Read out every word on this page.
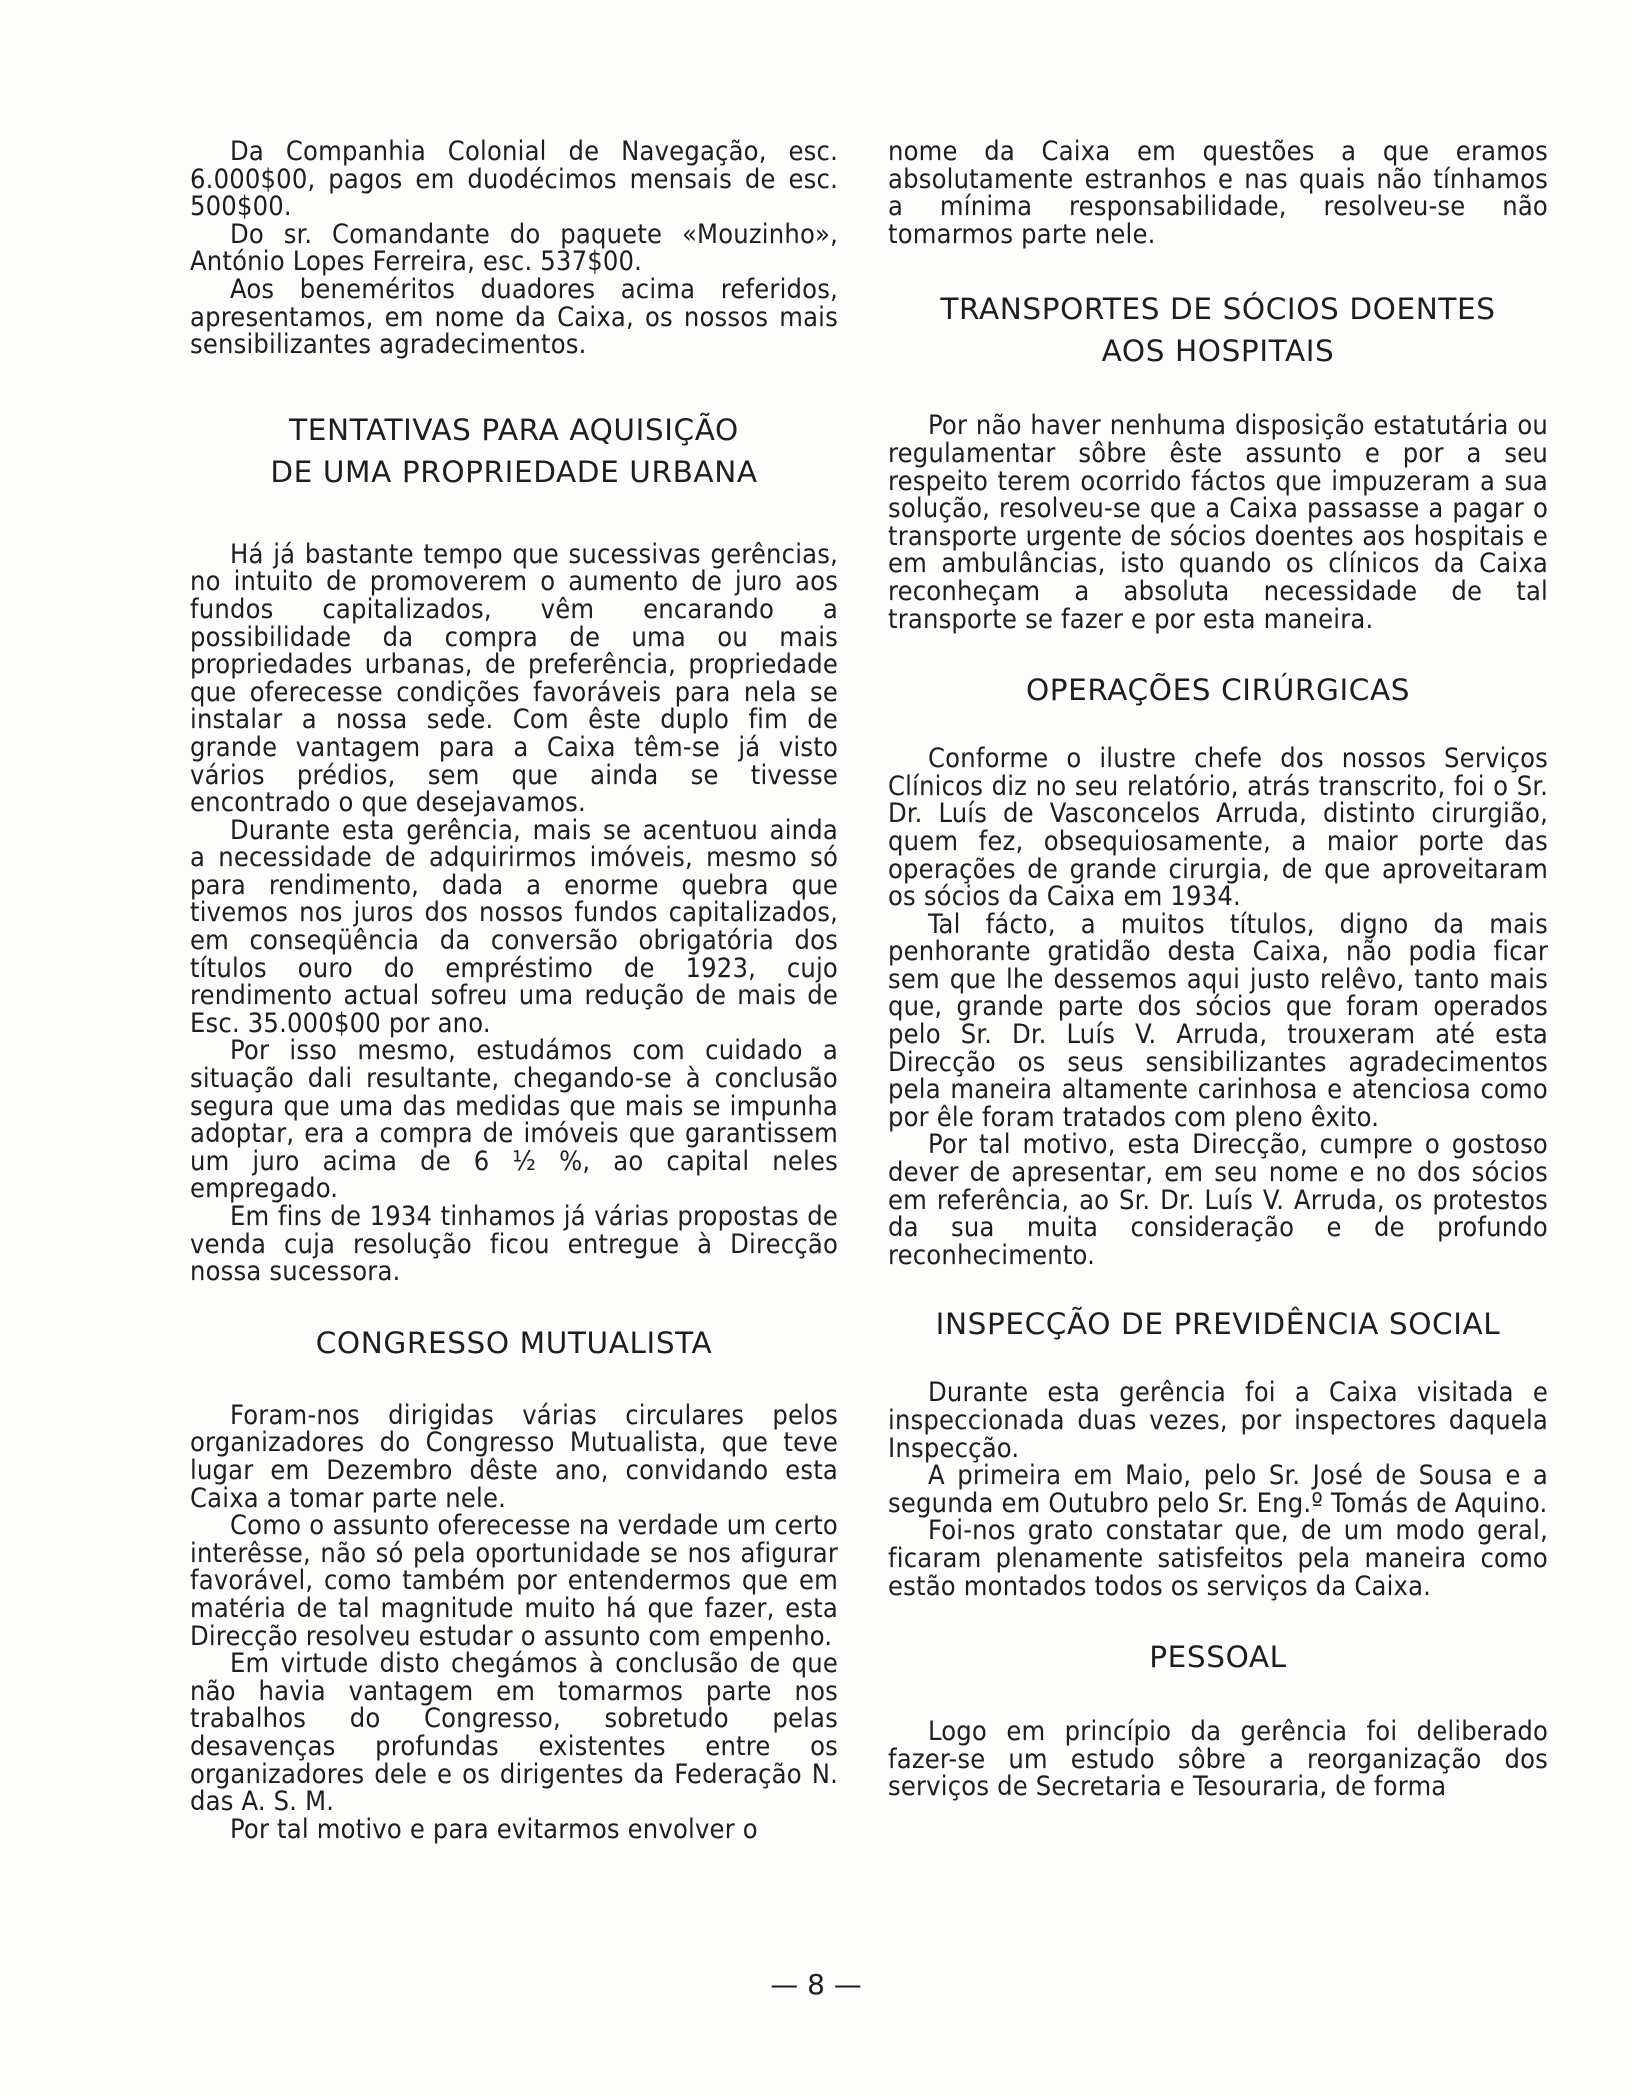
Da Companhia Colonial de Navegação, esc. 6.000$00, pagos em duodécimos mensais de esc. 500$00.

Do sr. Comandante do paquete «Mouzinho», António Lopes Ferreira, esc. 537$00.

Aos beneméritos duadores acima referidos, apresentamos, em nome da Caixa, os nossos mais sensibilizantes agradecimentos.

TENTATIVAS PARA AQUISIÇÃO
DE UMA PROPRIEDADE URBANA

Há já bastante tempo que sucessivas gerências, no intuito de promoverem o aumento de juro aos fundos capitalizados, vêm encarando a possibilidade da compra de uma ou mais propriedades urbanas, de preferência, propriedade que oferecesse condições favoráveis para nela se instalar a nossa sede. Com êste duplo fim de grande vantagem para a Caixa têm-se já visto vários prédios, sem que ainda se tivesse encontrado o que desejavamos.

Durante esta gerência, mais se acentuou ainda a necessidade de adquirirmos imóveis, mesmo só para rendimento, dada a enorme quebra que tivemos nos juros dos nossos fundos capitalizados, em conseqüência da conversão obrigatória dos títulos ouro do empréstimo de 1923, cujo rendimento actual sofreu uma redução de mais de Esc. 35.000$00 por ano.

Por isso mesmo, estudámos com cuidado a situação dali resultante, chegando-se à conclusão segura que uma das medidas que mais se impunha adoptar, era a compra de imóveis que garantissem um juro acima de 6 ½ %, ao capital neles empregado.

Em fins de 1934 tinhamos já várias propostas de venda cuja resolução ficou entregue à Direcção nossa sucessora.

CONGRESSO MUTUALISTA

Foram-nos dirigidas várias circulares pelos organizadores do Congresso Mutualista, que teve lugar em Dezembro dêste ano, convidando esta Caixa a tomar parte nele.

Como o assunto oferecesse na verdade um certo interêsse, não só pela oportunidade se nos afigurar favorável, como também por entendermos que em matéria de tal magnitude muito há que fazer, esta Direcção resolveu estudar o assunto com empenho.

Em virtude disto chegámos à conclusão de que não havia vantagem em tomarmos parte nos trabalhos do Congresso, sobretudo pelas desavenças profundas existentes entre os organizadores dele e os dirigentes da Federação N. das A. S. M.

Por tal motivo e para evitarmos envolver o

nome da Caixa em questões a que eramos absolutamente estranhos e nas quais não tínhamos a mínima responsabilidade, resolveu-se não tomarmos parte nele.

TRANSPORTES DE SÓCIOS DOENTES
AOS HOSPITAIS

Por não haver nenhuma disposição estatutária ou regulamentar sôbre êste assunto e por a seu respeito terem ocorrido fáctos que impuzeram a sua solução, resolveu-se que a Caixa passasse a pagar o transporte urgente de sócios doentes aos hospitais e em ambulâncias, isto quando os clínicos da Caixa reconheçam a absoluta necessidade de tal transporte se fazer e por esta maneira.

OPERAÇÕES CIRÚRGICAS

Conforme o ilustre chefe dos nossos Serviços Clínicos diz no seu relatório, atrás transcrito, foi o Sr. Dr. Luís de Vasconcelos Arruda, distinto cirurgião, quem fez, obsequiosamente, a maior porte das operações de grande cirurgia, de que aproveitaram os sócios da Caixa em 1934.

Tal fácto, a muitos títulos, digno da mais penhorante gratidão desta Caixa, não podia ficar sem que lhe dessemos aqui justo relêvo, tanto mais que, grande parte dos sócios que foram operados pelo Sr. Dr. Luís V. Arruda, trouxeram até esta Direcção os seus sensibilizantes agradecimentos pela maneira altamente carinhosa e atenciosa como por êle foram tratados com pleno êxito.

Por tal motivo, esta Direcção, cumpre o gostoso dever de apresentar, em seu nome e no dos sócios em referência, ao Sr. Dr. Luís V. Arruda, os protestos da sua muita consideração e de profundo reconhecimento.

INSPECÇÃO DE PREVIDÊNCIA SOCIAL

Durante esta gerência foi a Caixa visitada e inspeccionada duas vezes, por inspectores daquela Inspecção.

A primeira em Maio, pelo Sr. José de Sousa e a segunda em Outubro pelo Sr. Eng.º Tomás de Aquino.

Foi-nos grato constatar que, de um modo geral, ficaram plenamente satisfeitos pela maneira como estão montados todos os serviços da Caixa.

PESSOAL

Logo em princípio da gerência foi deliberado fazer-se um estudo sôbre a reorganização dos serviços de Secretaria e Tesouraria, de forma

— 8 —
